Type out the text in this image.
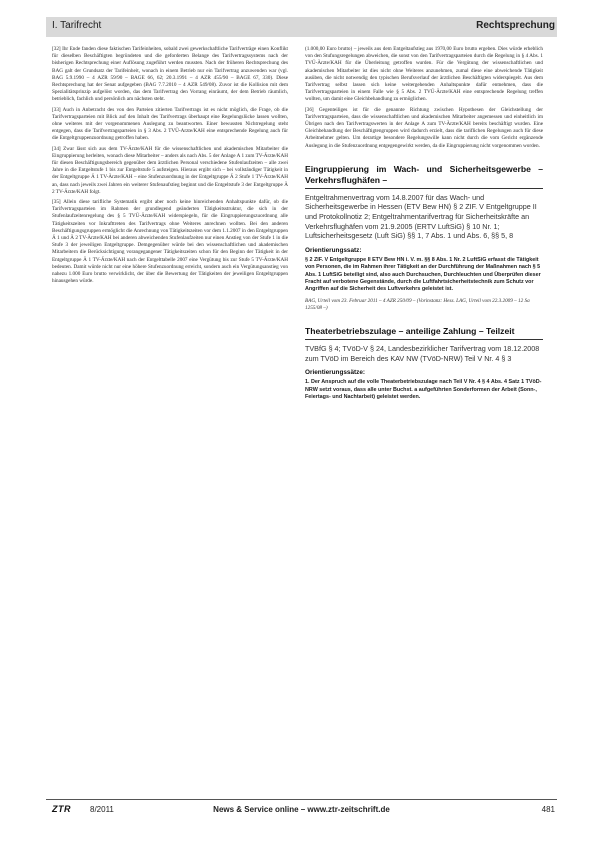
I. Tarifrecht	Rechtsprechung

[32] Ihr Ende fanden diese faktischen Tarifeinheiten, sobald zwei gewerkschaftliche Tarifverträge einen Konflikt für dieselben Beschäftigten begründeten und die geforderten Belange des Tarifvertragssystems nach der bisherigen Rechtsprechung einer Auflösung zugeführt werden mussten. Nach der früheren Rechtsprechung des BAG galt der Grundsatz der Tarifeinheit, wonach in einem Betrieb nur ein Tarifvertrag anzuwenden war (vgl. BAG 5.9.1990 – 4 AZR 59/90 – BAGE 66, 62; 20.3.1991 – 4 AZR 455/90 – BAGE 67, 330). Diese Rechtsprechung hat der Senat aufgegeben (BAG 7.7.2010 – 4 AZR 549/08). Zuvor ist die Kollision mit dem Spezialitätsprinzip aufgelöst worden, das dem Tarifvertrag den Vorrang einräumt, der dem Betrieb räumlich, betrieblich, fachlich und persönlich am nächsten steht.

[33] Auch in Anbetracht des von den Parteien zitierten Tarifvertrags ist es nicht möglich, die Frage, ob die Tarifvertragsparteien mit Blick auf den Inhalt des Tarifvertrags überhaupt eine Regelungslücke lassen wollten, ohne weiteres mit der vorgenommenen Auslegung zu beantworten. Einer bewussten Nichtregelung steht entgegen, dass die Tarifvertragsparteien in § 3 Abs. 2 TVÜ-Arzte/KAH eine entsprechende Regelung auch für die Entgeltgruppenzuordnung getroffen haben.

[34] Zwar lässt sich aus dem TV-Ärzte/KAH für die wissenschaftlichen und akademischen Mitarbeiter die Eingruppierung herleiten, wonach diese Mitarbeiter – anders als nach Abs. 5 der Anlage A 1 zum TV-Ärzte/KAH für diesen Beschäftigungsbereich gegenüber dem ärztlichen Personal verschiedene Stufenlaufzeiten – alle zwei Jahre in die Entgeltstufe 1 bis zur Entgeltstufe 5 aufsteigen. Hieraus ergibt sich – bei vollständiger Tätigkeit in der Entgeltgruppe Ä 1 TV-Ärzte/KAH – eine Stufenzuordnung in der Entgeltgruppe Ä 2 Stufe 1 TV-Ärzte/KAH an, dass nach jeweils zwei Jahren ein weiterer Stufenaufstieg beginnt und die Entgeltstufe 3 der Entgeltgruppe Ä 2 TV-Ärzte/KAH folgt.

[35] Allein diese tarifliche Systematik ergibt aber noch keine hinreichenden Anhaltspunkte dafür, ob die Tarifvertragsparteien im Rahmen der grundlegend geänderten Tätigkeitsstruktur, die sich in der Stufenlaufzeitenregelung des § 5 TVÜ-Ärzte/KAH widerspiegeln, für die Eingruppierungszuordnung alle Tätigkeitszeiten vor Inkrafttreten des Tarifvertrags ohne Weiteres anrechnen wollten. Bei den anderen Beschäftigungsgruppen ermöglicht die Anrechnung von Tätigkeitszeiten vor dem 1.1.2007 in den Entgeltgruppen Ä 1 und Ä 2 TV-Ärzte/KAH bei anderen abweichenden Stufenlaufzeiten nur einen Anstieg von der Stufe 1 in die Stufe 3 der jeweiligen Entgeltgruppe. Demgegenüber würde bei den wissenschaftlichen und akademischen Mitarbeitern die Berücksichtigung vorangegangener Tätigkeitszeiten schon für den Beginn der Tätigkeit in der Entgeltgruppe Ä 1 TV-Ärzte/KAH nach der Entgelttabelle 2007 eine Vergütung bis zur Stufe 5 TV-Ärzte/KAH bedeuten. Damit würde nicht nur eine höhere Stufenzuordnung erreicht, sondern auch ein Vergütungsanstieg von nahezu 1.000 Euro brutto verwirklicht, der über die Bewertung der Tätigkeiten der jeweiligen Entgeltgruppen hinausgehen würde.

(1.000,00 Euro brutto) – jeweils aus dem Entgeltaufstieg aus 1970,00 Euro brutto ergeben. Dies würde erheblich von den Stufungsregelungen abweichen, die sonst von den Tarifvertragsparteien durch die Regelung in § 4 Abs. 1 TVÜ-Ärzte/KAH für die Überleitung getroffen wurden. Für die Vergütung der wissenschaftlichen und akademischen Mitarbeiter ist dies nicht ohne Weiteres anzunehmen, zumal diese eine abweichende Tätigkeit ausüben, die nicht notwendig den typischen Berufsverlauf der ärztlichen Beschäftigten widerspiegelt. Aus dem Tarifvertrag selbst lassen sich keine weitergehenden Anhaltspunkte dafür entnehmen, dass die Tarifvertragsparteien in einem Falle wie § 5 Abs. 2 TVÜ-Ärzte/KAH eine entsprechende Regelung treffen wollten, um damit eine Gleichbehandlung zu ermöglichen.

[36] Gegenteiliges ist für die genannte Richtung zwischen Hypothesen der Gleichstellung der Tarifvertragsparteien, dass die wissenschaftlichen und akademischen Mitarbeiter angemessen und einheitlich im Übrigen nach den Tarifvertragswerten in der Anlage A zum TV-Ärzte/KAH bereits beschäftigt wurden. Eine Gleichbehandlung der Beschäftigtengruppen wird dadurch erzielt, dass die tariflichen Regelungen auch für diese Arbeitnehmer gelten. Um derartige besondere Regelungswille kann nicht durch die vom Gericht ergänzende Auslegung in die Stufenzuordnung entgegengewirkt werden, da die Eingruppierung nicht vorgenommen worden.

Eingruppierung im Wach- und Sicherheitsgewerbe – Verkehrsflughäfen –

Entgeltrahmenvertrag vom 14.8.2007 für das Wach- und Sicherheitsgewerbe in Hessen (ETV Bew HN) § 2 ZIF. V Entgeltgruppe II und Protokollnotiz 2; Entgeltrahmentarifvertrag für Sicherheitskräfte an Verkehrsflughäfen vom 21.9.2005 (ERTV LuftSiG) § 10 Nr. 1; Luftsicherheitsgesetz (Luft SiG) §§ 1, 7 Abs. 1 und Abs. 6, §§ 5, 8

Orientierungssatz:

§ 2 ZIF. V Entgeltgruppe II ETV Bew HN i. V. m. §§ 8 Abs. 1 Nr. 2 LuftSiG erfasst die Tätigkeit von Personen, die im Rahmen ihrer Tätigkeit an der Durchführung der Maßnahmen nach § 5 Abs. 1 LuftSiG beteiligt sind, also auch Durchsuchen, Durchleuchten und Überprüfen dieser Fracht auf verbotene Gegenstände, durch die Luftfahrtsicherheitstechnik zum Schutz vor Angriffen auf die Sicherheit des Luftverkehrs geleistet ist.

BAG, Urteil vom 23. Februar 2011 – 4 AZR 250/09 – (Vorinstanz: Hess. LAG, Urteil vom 22.3.2009 – 12 Sa 1255/08 –)

Theaterbetriebszulage – anteilige Zahlung – Teilzeit

TVBfG § 4; TVöD-V § 24, Landesbezirklicher Tarifvertrag vom 18.12.2008 zum TVöD im Bereich des KAV NW (TVöD-NRW) Teil V Nr. 4 § 3

Orientierungssätze:

1. Der Anspruch auf die volle Theaterbetriebszulage nach Teil V Nr. 4 § 4 Abs. 4 Satz 1 TVöD-NRW setzt voraus, dass alle unter Buchst. a aufgeführten Sonderformen der Arbeit (Sonn-, Feiertags- und Nachtarbeit) geleistet werden.

ZTR 8/2011	News & Service online – www.ztr-zeitschrift.de	481
